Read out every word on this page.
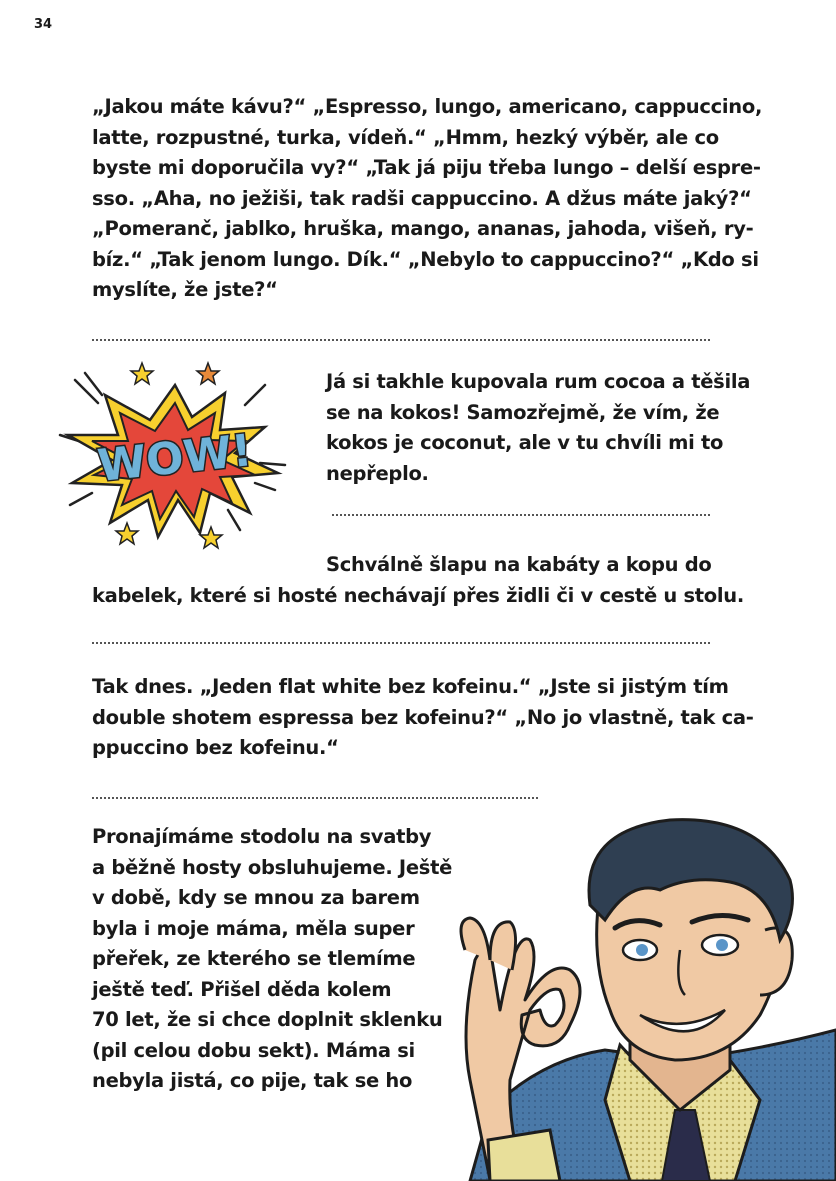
34
„Jakou máte kávu?“ „Espresso, lungo, americano, cappuccino,
latte, rozpustné, turka, vídeň.“ „Hmm, hezký výběr, ale co
byste mi doporučila vy?“ „Tak já piju třeba lungo – delší espre-
sso. „Aha, no ježiši, tak radši cappuccino. A džus máte jaký?“
„Pomeranč, jablko, hruška, mango, ananas, jahoda, višeň, ry-
bíz.“ „Tak jenom lungo. Dík.“ „Nebylo to cappuccino?“ „Kdo si
myslíte, že jste?“
WOW!
Já si takhle kupovala rum cocoa a těšila
se na kokos! Samozřejmě, že vím, že
kokos je coconut, ale v tu chvíli mi to
nepřeplo.
Schválně šlapu na kabáty a kopu do
kabelek, které si hosté nechávají přes židli či v cestě u stolu.
Tak dnes. „Jeden flat white bez kofeinu.“ „Jste si jistým tím
double shotem espressa bez kofeinu?“ „No jo vlastně, tak ca-
ppuccino bez kofeinu.“
Pronajímáme stodolu na svatby
a běžně hosty obsluhujeme. Ještě
v době, kdy se mnou za barem
byla i moje máma, měla super
přeřek, ze kterého se tlemíme
ještě teď. Přišel děda kolem
70 let, že si chce doplnit sklenku
(pil celou dobu sekt). Máma si
nebyla jistá, co pije, tak se ho
